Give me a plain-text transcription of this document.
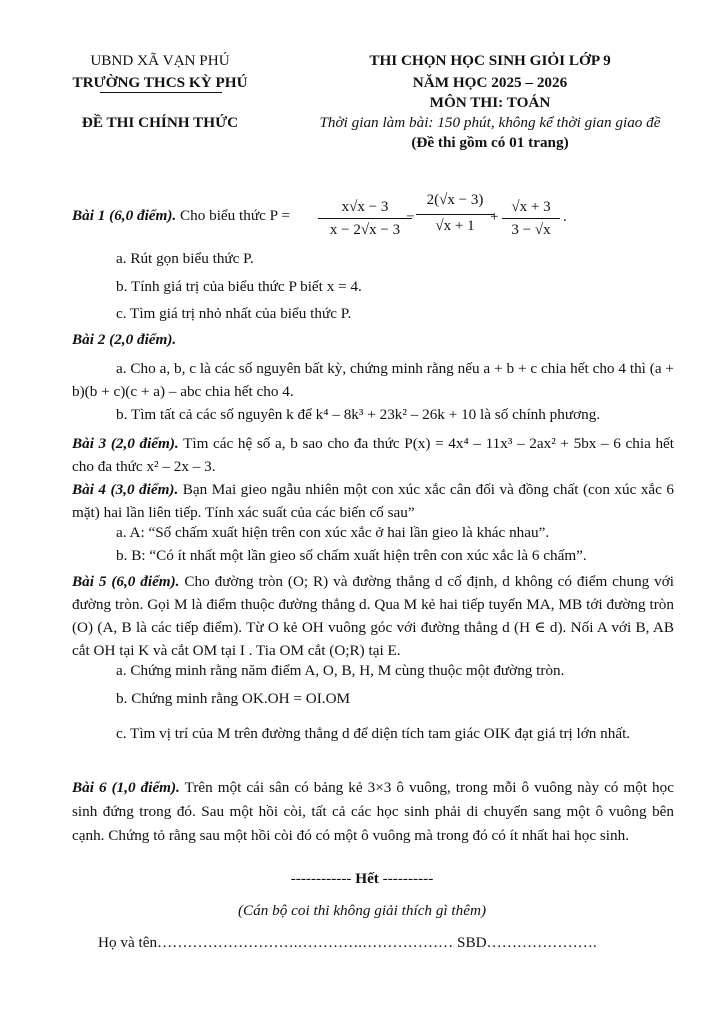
UBND XÃ VẠN PHÚ
TRƯỜNG THCS KỲ PHÚ
ĐỀ THI CHÍNH THỨC
THI CHỌN HỌC SINH GIỎI LỚP 9
NĂM HỌC 2025 – 2026
MÔN THI: TOÁN
Thời gian làm bài: 150 phút, không kể thời gian giao đề
(Đề thi gồm có 01 trang)
Bài 1 (6,0 điểm). Cho biểu thức $P = \frac{x√x - 3}{x - 2√x - 3}$
− $\frac{2(√x - 3)}{√x + 1}$
+ $\frac{√x + 3}{3 - √x}$ .
a. Rút gọn biểu thức P.
b. Tính giá trị của biểu thức P biết x = 4.
c. Tìm giá trị nhỏ nhất của biểu thức P.
Bài 2 (2,0 điểm).
a. Cho a, b, c là các số nguyên bất kỳ, chứng minh rằng nếu a + b + c chia hết cho 4 thì (a + b)(b + c)(c + a) – abc chia hết cho 4.
b. Tìm tất cả các số nguyên k để k⁴ – 8k³ + 23k² – 26k + 10 là số chính phương.
Bài 3 (2,0 điểm). Tìm các hệ số a, b sao cho đa thức P(x) = 4x⁴ – 11x³ – 2ax² + 5bx – 6 chia hết cho đa thức x² – 2x – 3.
Bài 4 (3,0 điểm). Bạn Mai gieo ngẫu nhiên một con xúc xắc cân đối và đồng chất (con xúc xắc 6 mặt) hai lần liên tiếp. Tính xác suất của các biến cố sau”
a. A: “Số chấm xuất hiện trên con xúc xắc ở hai lần gieo là khác nhau”.
b. B: “Có ít nhất một lần gieo số chấm xuất hiện trên con xúc xắc là 6 chấm”.
Bài 5 (6,0 điểm). Cho đường tròn (O; R) và đường thẳng d cố định, d không có điểm chung với đường tròn. Gọi M là điểm thuộc đường thẳng d. Qua M kẻ hai tiếp tuyến MA, MB tới đường tròn (O) (A, B là các tiếp điểm). Từ O kẻ OH vuông góc với đường thẳng d (H ∈ d). Nối A với B, AB cắt OH tại K và cắt OM tại I . Tia OM cắt (O;R) tại E.
a. Chứng minh rằng năm điểm A, O, B, H, M cùng thuộc một đường tròn.
b. Chứng minh rằng OK.OH = OI.OM
c. Tìm vị trí của M trên đường thẳng d để diện tích tam giác OIK đạt giá trị lớn nhất.
Bài 6 (1,0 điểm). Trên một cái sân có bảng kẻ 3×3 ô vuông, trong mỗi ô vuông này có một học sinh đứng trong đó. Sau một hồi còi, tất cả các học sinh phải di chuyển sang một ô vuông bên cạnh. Chứng tỏ rằng sau một hồi còi đó có một ô vuông mà trong đó có ít nhất hai học sinh.
------------ Hết ----------
(Cán bộ coi thi không giải thích gì thêm)
Họ và tên……………………….………….……………… SBD………………….
